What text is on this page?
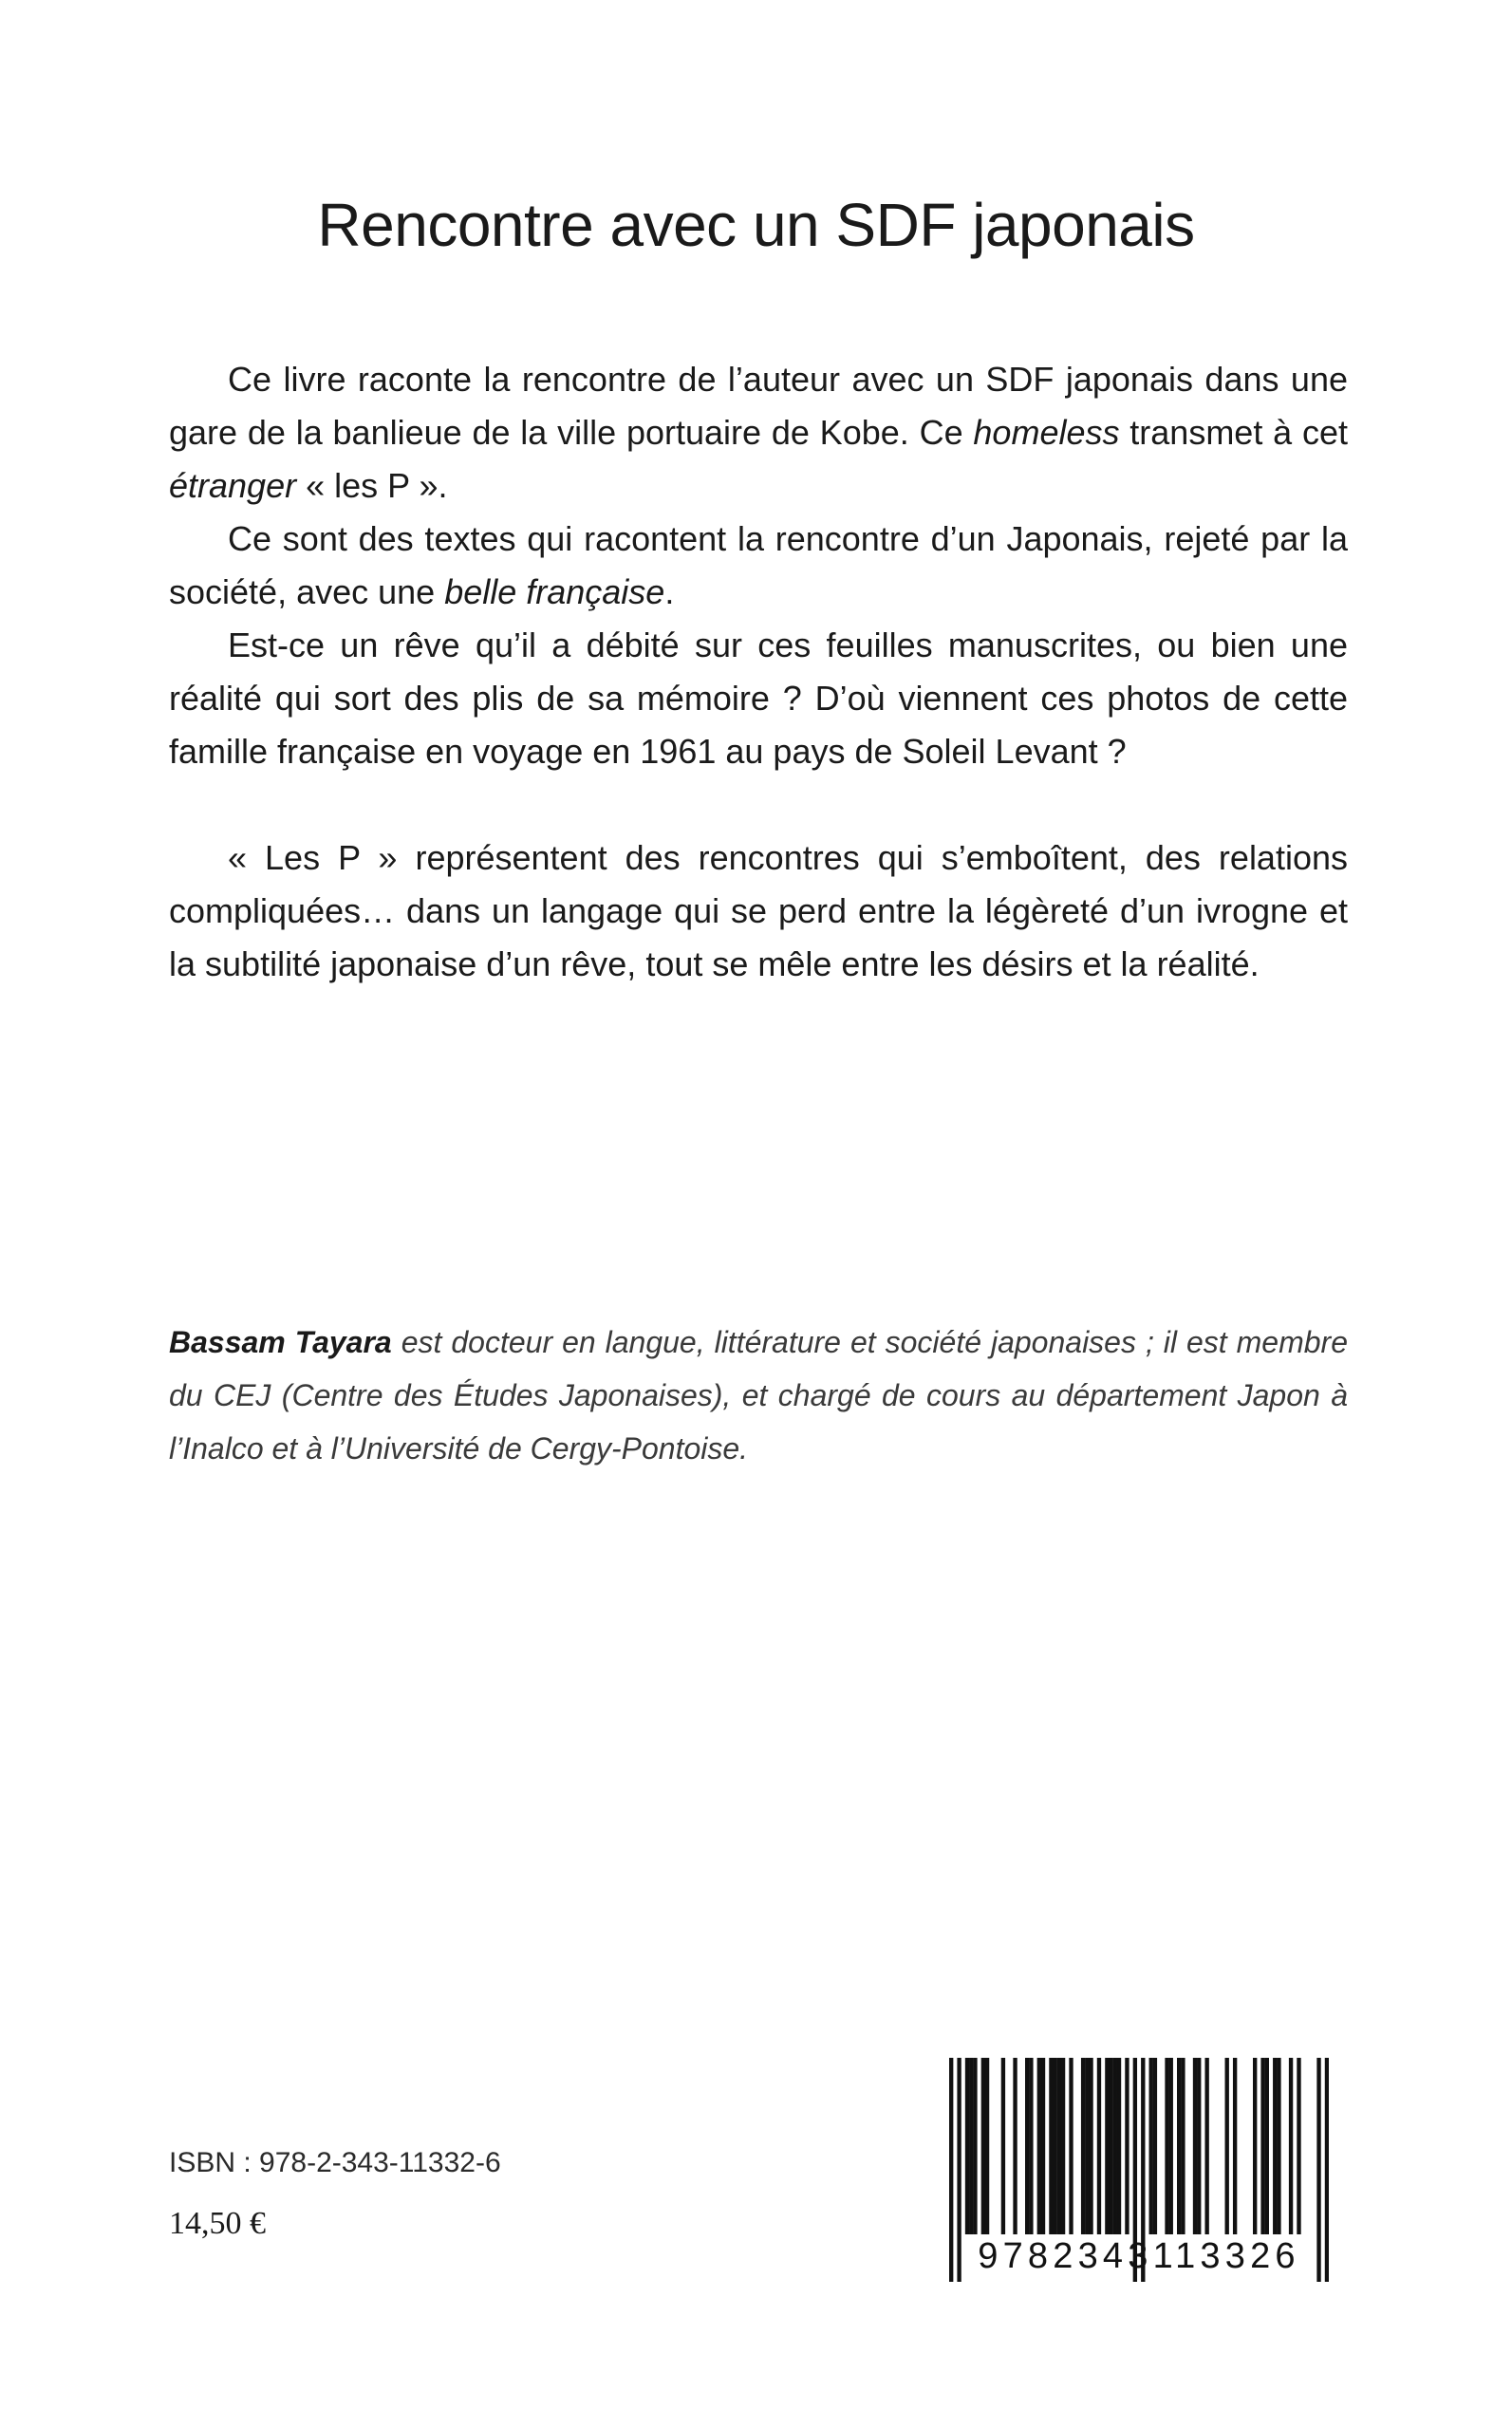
Rencontre avec un SDF japonais

Ce livre raconte la rencontre de l’auteur avec un SDF japonais dans une gare de la banlieue de la ville portuaire de Kobe. Ce homeless transmet à cet étranger « les P ».

Ce sont des textes qui racontent la rencontre d’un Japonais, rejeté par la société, avec une belle française.

Est-ce un rêve qu’il a débité sur ces feuilles manuscrites, ou bien une réalité qui sort des plis de sa mémoire ? D’où viennent ces photos de cette famille française en voyage en 1961 au pays de Soleil Levant ?

« Les P » représentent des rencontres qui s’emboîtent, des relations compliquées… dans un langage qui se perd entre la légèreté d’un ivrogne et la subtilité japonaise d’un rêve, tout se mêle entre les désirs et la réalité.

Bassam Tayara est docteur en langue, littérature et société japonaises ; il est membre du CEJ (Centre des Études Japonaises), et chargé de cours au département Japon à l’Inalco et à l’Université de Cergy-Pontoise.

ISBN : 978-2-343-11332-6
14,50 €
9782343113326
